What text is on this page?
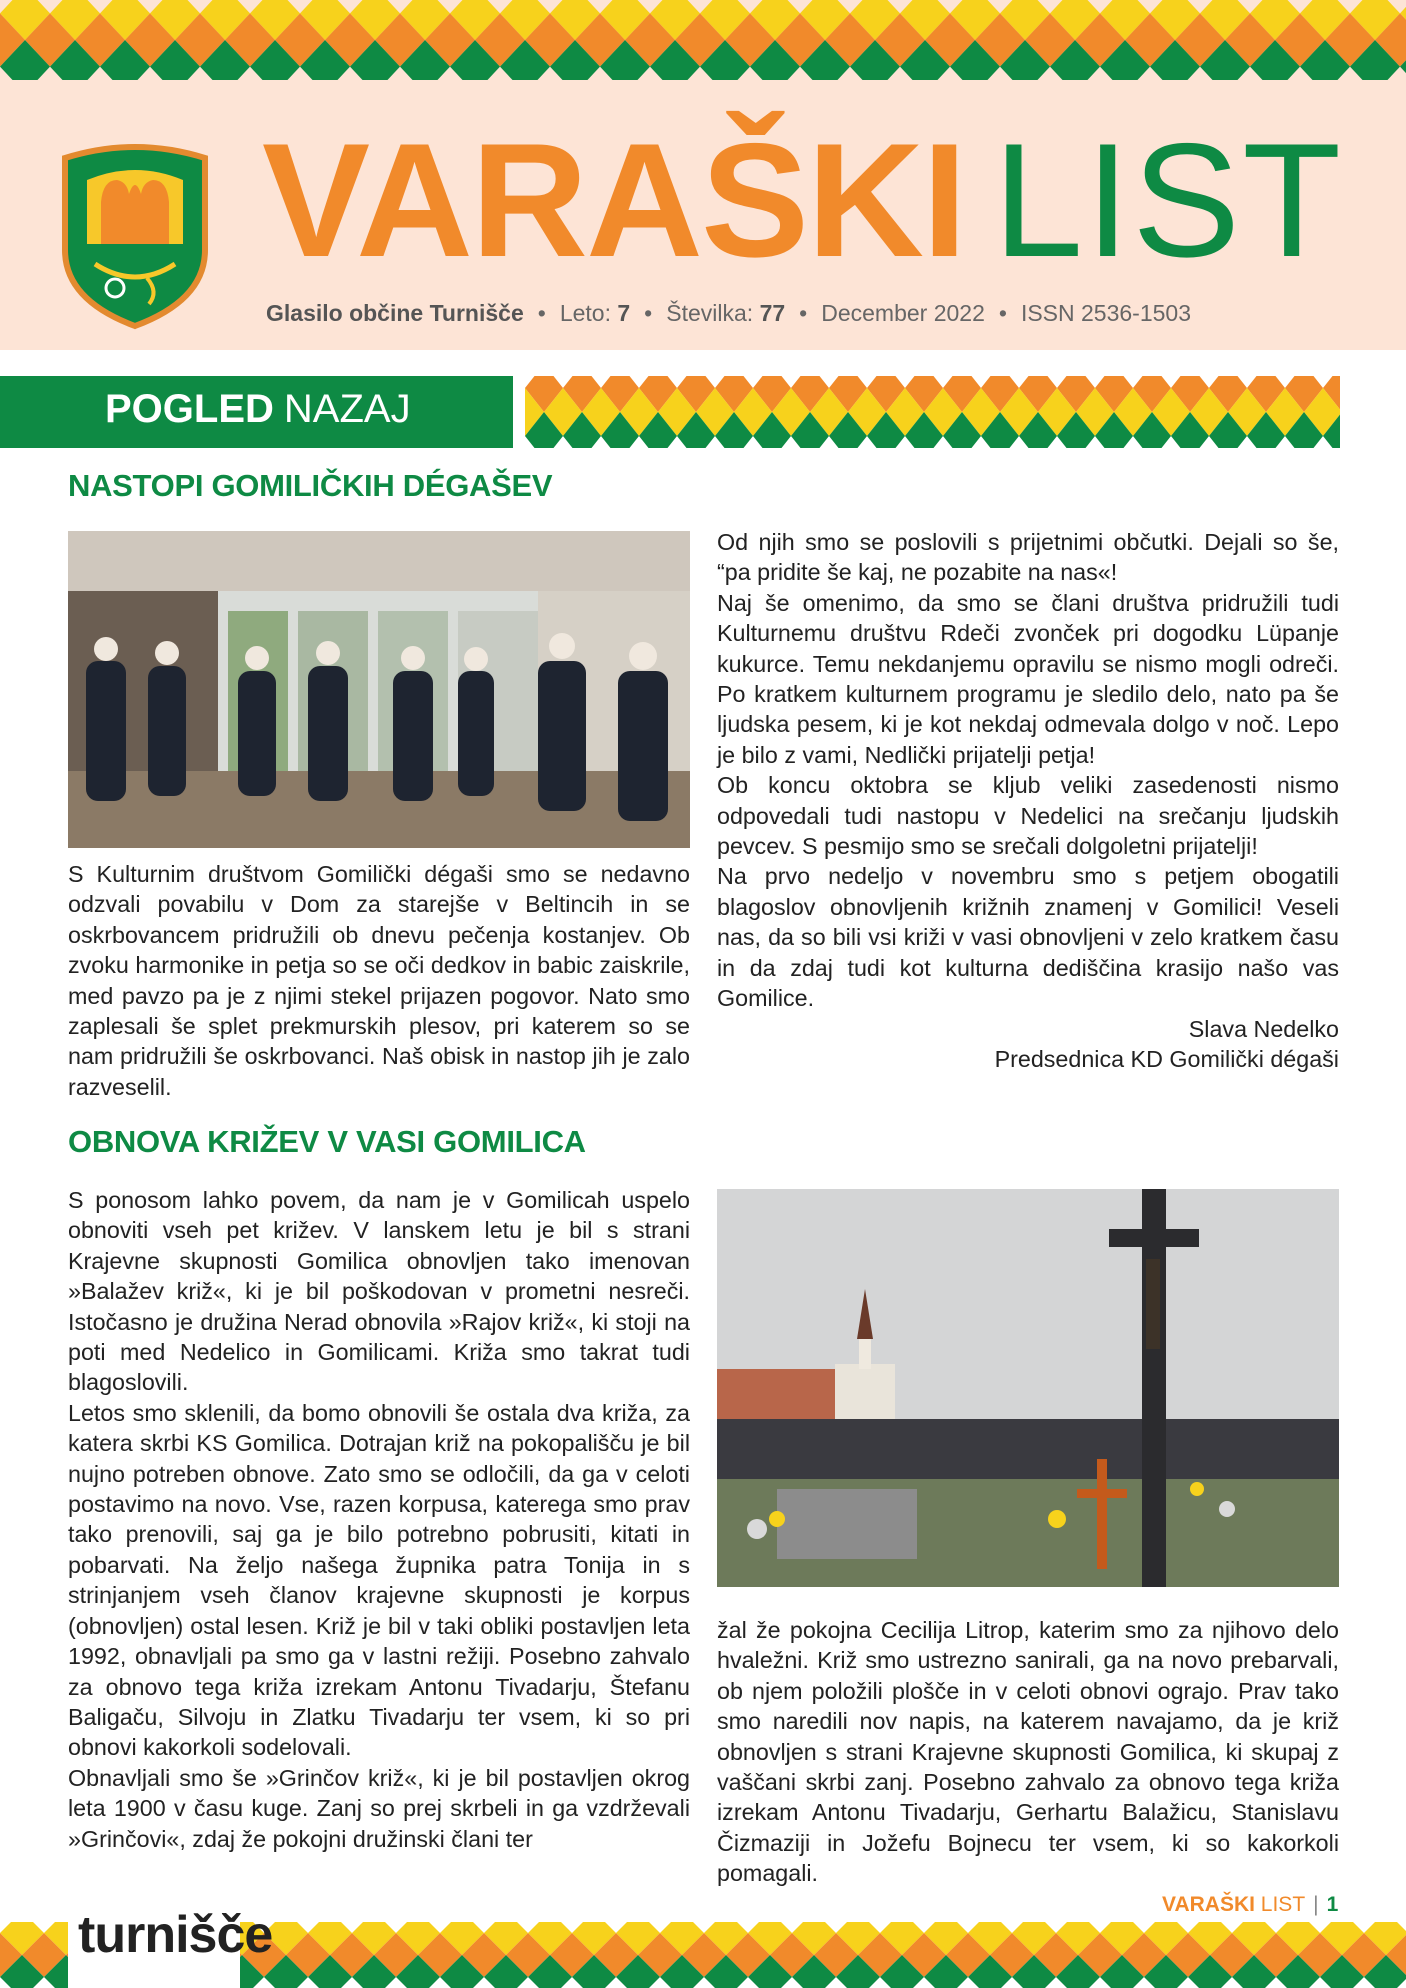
VARAŠKI LIST
Glasilo občine Turnišče • Leto: 7 • Številka: 77 • December 2022 • ISSN 2536-1503
POGLED NAZAJ
NASTOPI GOMILIČKIH DÉGAŠEV

S Kulturnim društvom Gomilički dégaši smo se nedavno odzvali povabilu v Dom za starejše v Beltincih in se oskrbovancem pridružili ob dnevu pečenja kostanjev. Ob zvoku harmonike in petja so se oči dedkov in babic zaiskrile, med pavzo pa je z njimi stekel prijazen pogovor. Nato smo zaplesali še splet prekmurskih plesov, pri katerem so se nam pridružili še oskrbovanci. Naš obisk in nastop jih je zalo razveselil.

Od njih smo se poslovili s prijetnimi občutki. Dejali so še, “pa pridite še kaj, ne pozabite na nas«!

Naj še omenimo, da smo se člani društva pridružili tudi Kulturnemu društvu Rdeči zvonček pri dogodku Lüpanje kukurce. Temu nekdanjemu opravilu se nismo mogli odreči. Po kratkem kulturnem programu je sledilo delo, nato pa še ljudska pesem, ki je kot nekdaj odmevala dolgo v noč. Lepo je bilo z vami, Nedlički prijatelji petja!

Ob koncu oktobra se kljub veliki zasedenosti nismo odpovedali tudi nastopu v Nedelici na srečanju ljudskih pevcev. S pesmijo smo se srečali dolgoletni prijatelji!

Na prvo nedeljo v novembru smo s petjem obogatili blagoslov obnovljenih križnih znamenj v Gomilici! Veseli nas, da so bili vsi križi v vasi obnovljeni v zelo kratkem času in da zdaj tudi kot kulturna dediščina krasijo našo vas Gomilice.

Slava Nedelko

Predsednica KD Gomilički dégaši

OBNOVA KRIŽEV V VASI GOMILICA

S ponosom lahko povem, da nam je v Gomilicah uspelo obnoviti vseh pet križev. V lanskem letu je bil s strani Krajevne skupnosti Gomilica obnovljen tako imenovan »Balažev križ«, ki je bil poškodovan v prometni nesreči. Istočasno je družina Nerad obnovila »Rajov križ«, ki stoji na poti med Nedelico in Gomilicami. Križa smo takrat tudi blagoslovili.

Letos smo sklenili, da bomo obnovili še ostala dva križa, za katera skrbi KS Gomilica. Dotrajan križ na pokopališču je bil nujno potreben obnove. Zato smo se odločili, da ga v celoti postavimo na novo. Vse, razen korpusa, katerega smo prav tako prenovili, saj ga je bilo potrebno pobrusiti, kitati in pobarvati. Na željo našega župnika patra Tonija in s strinjanjem vseh članov krajevne skupnosti je korpus (obnovljen) ostal lesen. Križ je bil v taki obliki postavljen leta 1992, obnavljali pa smo ga v lastni režiji. Posebno zahvalo za obnovo tega križa izrekam Antonu Tivadarju, Štefanu Baligaču, Silvoju in Zlatku Tivadarju ter vsem, ki so pri obnovi kakorkoli sodelovali.

Obnavljali smo še »Grinčov križ«, ki je bil postavljen okrog leta 1900 v času kuge. Zanj so prej skrbeli in ga vzdrževali »Grinčovi«, zdaj že pokojni družinski člani ter

žal že pokojna Cecilija Litrop, katerim smo za njihovo delo hvaležni. Križ smo ustrezno sanirali, ga na novo prebarvali, ob njem položili plošče in v celoti obnovi ograjo. Prav tako smo naredili nov napis, na katerem navajamo, da je križ obnovljen s strani Krajevne skupnosti Gomilica, ki skupaj z vaščani skrbi zanj. Posebno zahvalo za obnovo tega križa izrekam Antonu Tivadarju, Gerhartu Balažicu, Stanislavu Čizmaziji in Jožefu Bojnecu ter vsem, ki so kakorkoli pomagali.

turnišče
VARAŠKI LIST | 1
